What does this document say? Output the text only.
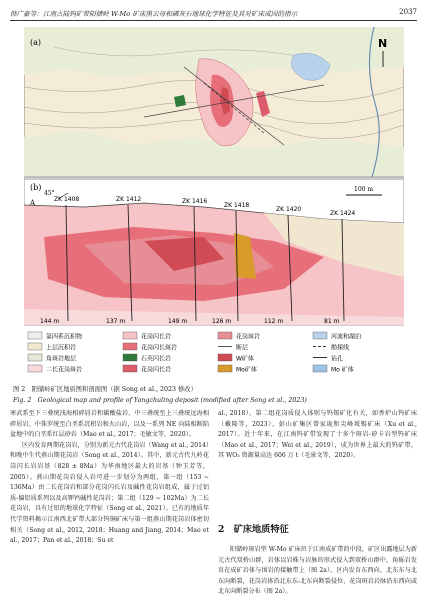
韩广豪等：江南古陆钨矿带阳储岭 W-Mo 矿床黑云母和磷灰石地球化学特征及其对矿床成因的指示	2037
(a)	N
(b)
A
45°
100 m
ZK 1408	ZK 1412	ZK 1416
ZK 1418
ZK 1420
ZK 1424
144 m	137 m	149 m	126 m	112 m	81 m
第四系沉积物	花岗闪长岩	花岗斑岩	河流和湖泊
上层沉积岩	花岗闪长斑岩	断层	勘探线
角斑岩地层	石英闪长岩	W矿体	钻孔
二长花岗斑岩	花岗闪长岩	Mo矿体	Mo 矿体
图 2　阳储岭矿区地质图和剖面图（据 Song et al., 2023 修改）
Fig. 2　Geological map and profile of Yangchuling deposit (modified after Song et al., 2023)

寒武系至下三叠统浅海相碎屑岩和碳酸盐岩、中三叠统至上三叠统远海相碎屑岩、中侏罗统至白垩系沉积岩和火山岩，以及一系列 NE 向陆相断陷盆地中的白垩系红层砂岩（Mao et al., 2017；毛敏文等，2020）。

区内发育两期花岗岩，分别为新元古代花岗岩（Wang et al., 2014）和晚中生代燕山期花岗岩（Song et al., 2014）。其中，新元古代九岭花岗闪长岩岩基（828 ± 8Ma）为华南地区最大的岩基（钟玉芳等，2005）。燕山期花岗岩侵入岩可进一步划分为两组，第一组（153 ~ 136Ma）由二长花岗岩和部分花岗闪长岩及碱性花岗岩组成，属于过铝质-偏铝质系列以及高钾钙碱性花岗岩；第二组（129 ~ 102Ma）为二长花岗岩，具有过铝的地球化学特征（Song et al., 2021）。已有的地质年代学资料揭示江南西北矿带大部分钨铜矿床与第一组燕山期花岗岩体密切相关（Song et al., 2012, 2018；Huang and Jiang, 2014；Mao et al., 2017；Pan et al., 2018；Su et

al., 2018）。第二组花岗质侵入体则与钨锡矿化有关，如香炉山钨矿床（戴隆等，2023），彭山矿集区曾家垅和尖峰坡锡矿床（Xu et al., 2017）。近十年来，在江南钨矿带发现了十多个斑岩-矽卡岩型钨矿床（Mao et al., 2017；Wei et al., 2019），成为世界上最大的钨矿带，其 WO₃ 资源量高达 606 万 t（毛景文等，2020）。

2　矿床地质特征

阳储岭斑岩型 W-Mo 矿床位于江南成矿带的中段，矿区出露地层为新元古代双桥山群，岩体以岩株与岩脉的形式侵入到双桥山群中，角砾岩发育在成矿岩体与围岩的接触带上（图 2a）。区内发育东西向、北东东与北东向断裂，花岗岩体沿北东东-北东向断裂侵位，花岗斑岩岩脉沿东西向或北东向断裂分布（图 2a）。
